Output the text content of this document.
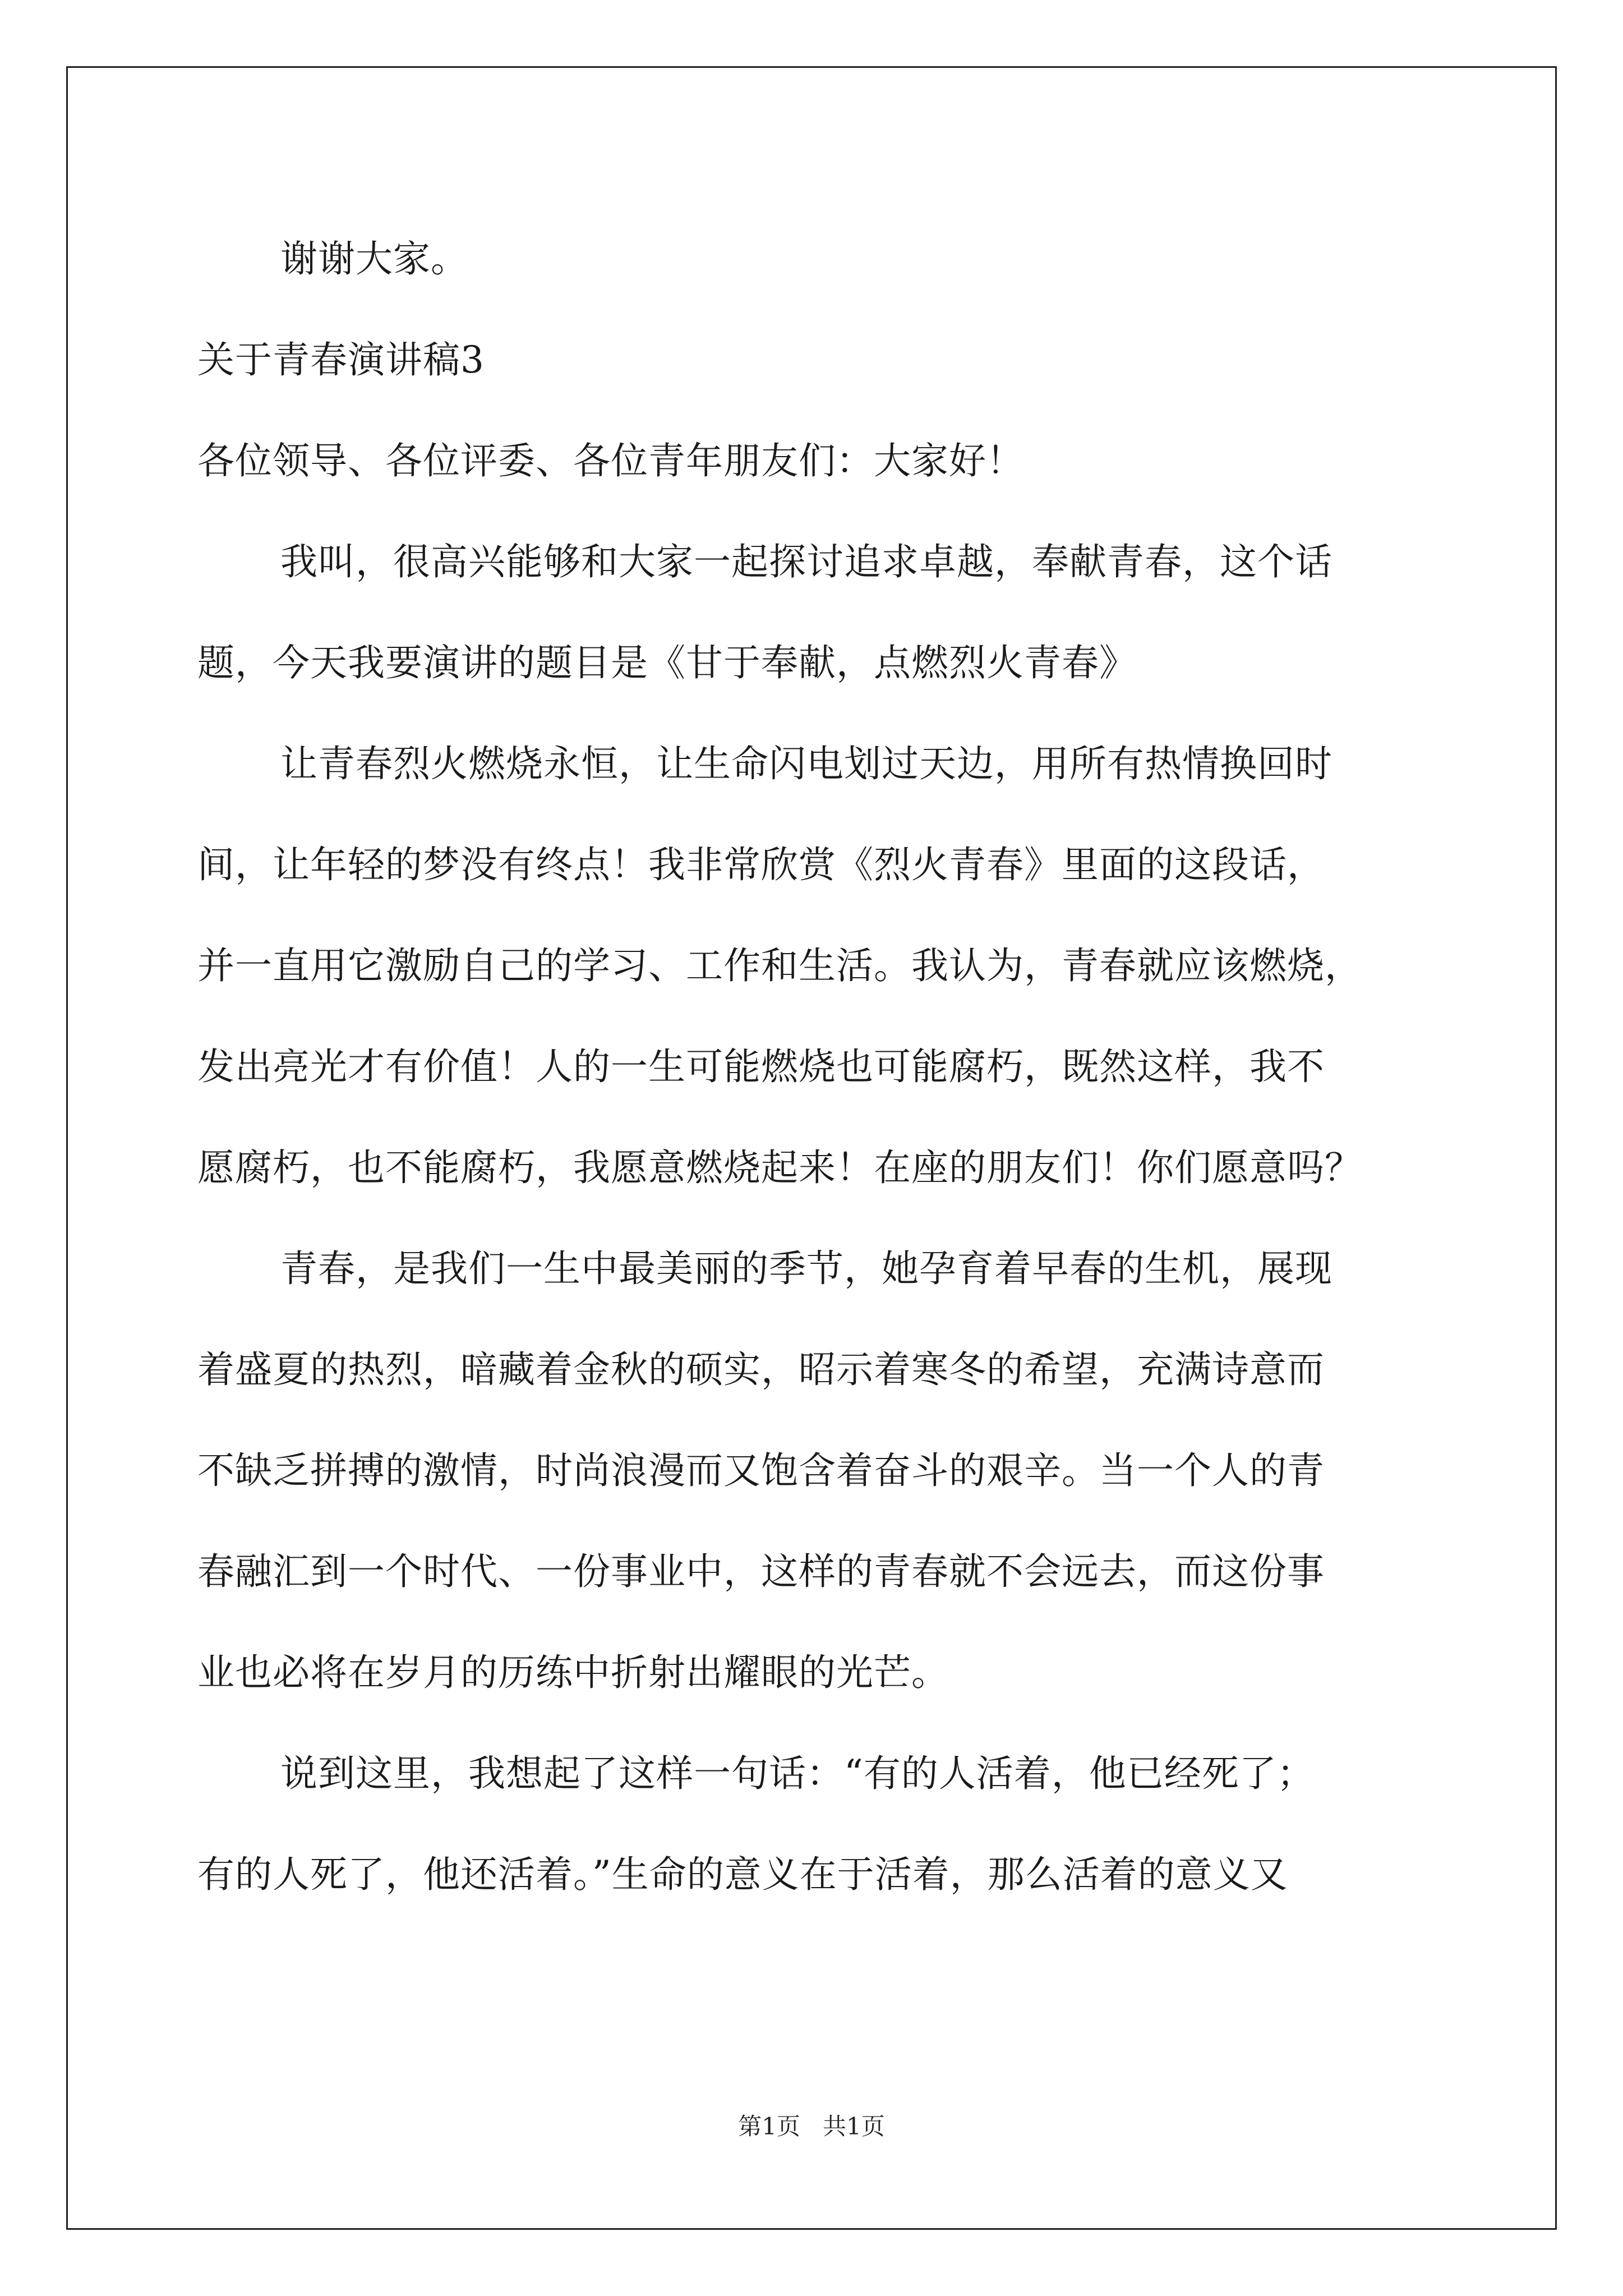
谢谢大家。
关于青春演讲稿3
各位领导、各位评委、各位青年朋友们：大家好！
我叫，很高兴能够和大家一起探讨追求卓越，奉献青春，这个话
题，今天我要演讲的题目是《甘于奉献，点燃烈火青春》
让青春烈火燃烧永恒，让生命闪电划过天边，用所有热情换回时
间，让年轻的梦没有终点！我非常欣赏《烈火青春》里面的这段话，
并一直用它激励自己的学习、工作和生活。我认为，青春就应该燃烧，
发出亮光才有价值！人的一生可能燃烧也可能腐朽，既然这样，我不
愿腐朽，也不能腐朽，我愿意燃烧起来！在座的朋友们！你们愿意吗？
青春，是我们一生中最美丽的季节，她孕育着早春的生机，展现
着盛夏的热烈，暗藏着金秋的硕实，昭示着寒冬的希望，充满诗意而
不缺乏拼搏的激情，时尚浪漫而又饱含着奋斗的艰辛。当一个人的青
春融汇到一个时代、一份事业中，这样的青春就不会远去，而这份事
业也必将在岁月的历练中折射出耀眼的光芒。
说到这里，我想起了这样一句话：“有的人活着，他已经死了；
有的人死了，他还活着。”生命的意义在于活着，那么活着的意义又
第1页 共1页
